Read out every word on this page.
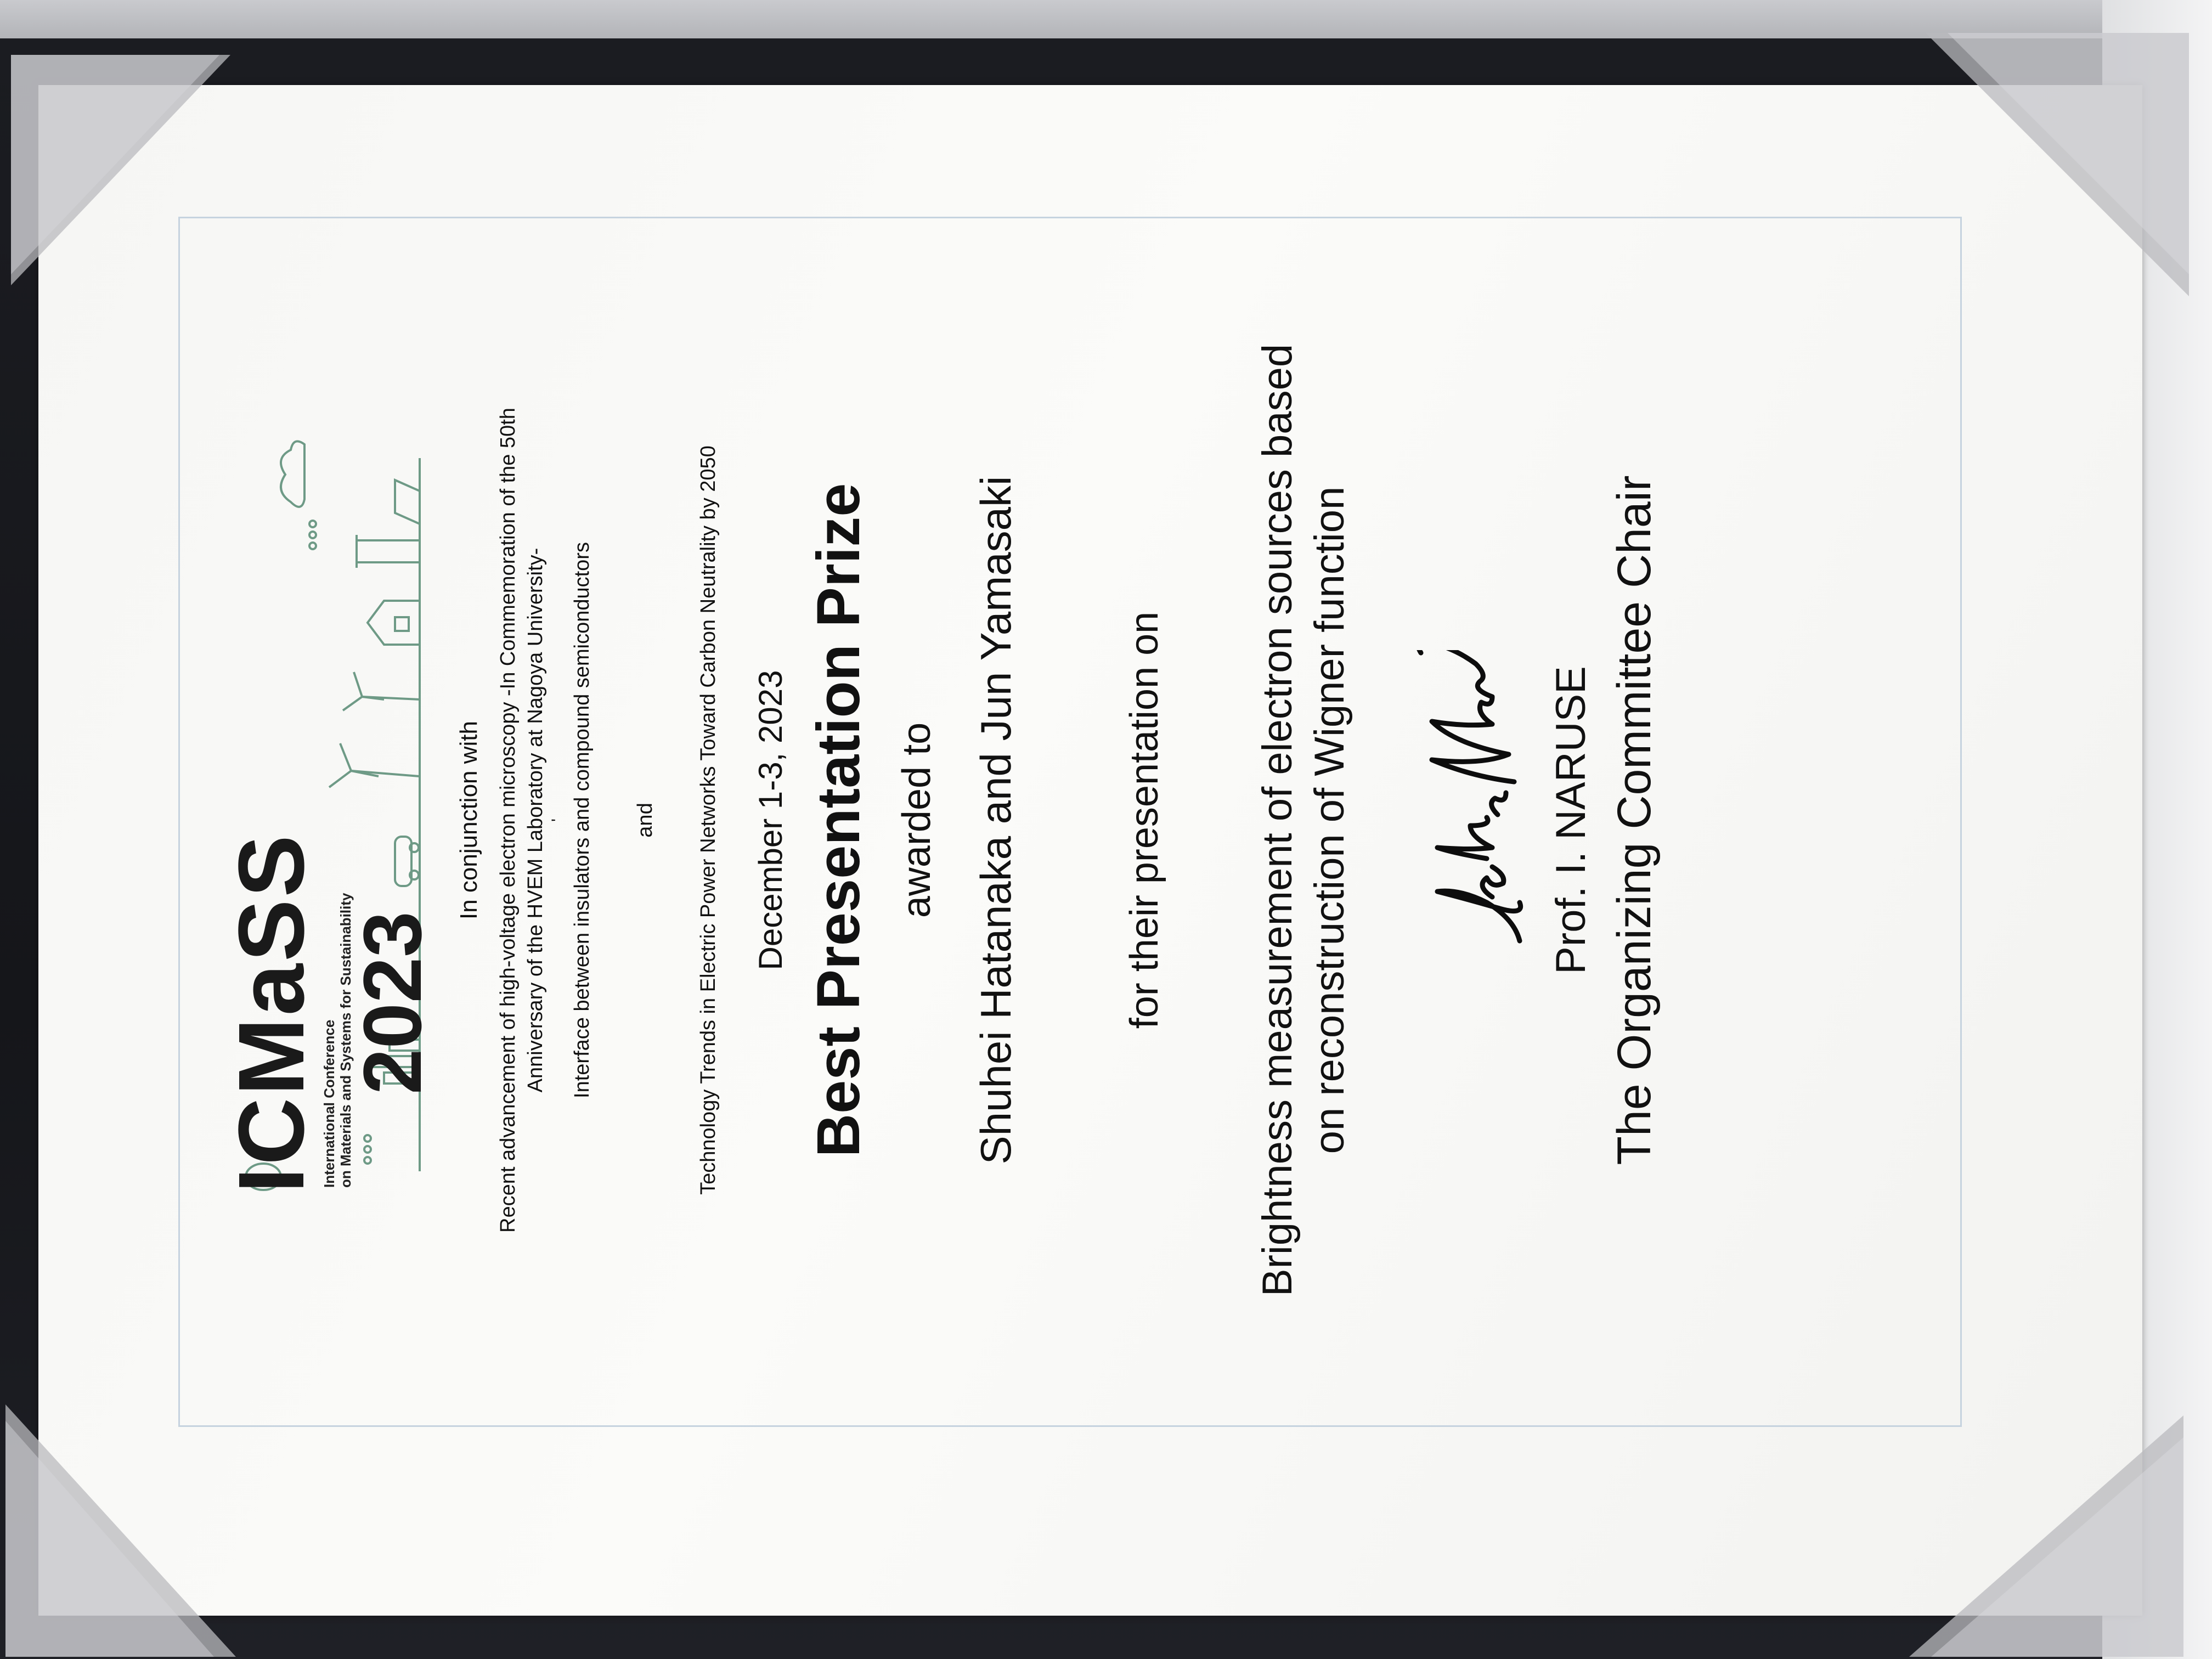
ICMaSS
International Conference on Materials and Systems for Sustainability
2023
In conjunction with Recent advancement of high-voltage electron microscopy -In Commemoration of the 50th Anniversary of the HVEM Laboratory at Nagoya University- ' Interface between insulators and compound semiconductors and Technology Trends in Electric Power Networks Toward Carbon Neutrality by 2050 December 1-3, 2023 Best Presentation Prize awarded to Shuhei Hatanaka and Jun Yamasaki	for their presentation on Brightness measurement of electron sources based on reconstruction of Wigner function	Prof. I. NARUSE The Organizing Committee Chair
